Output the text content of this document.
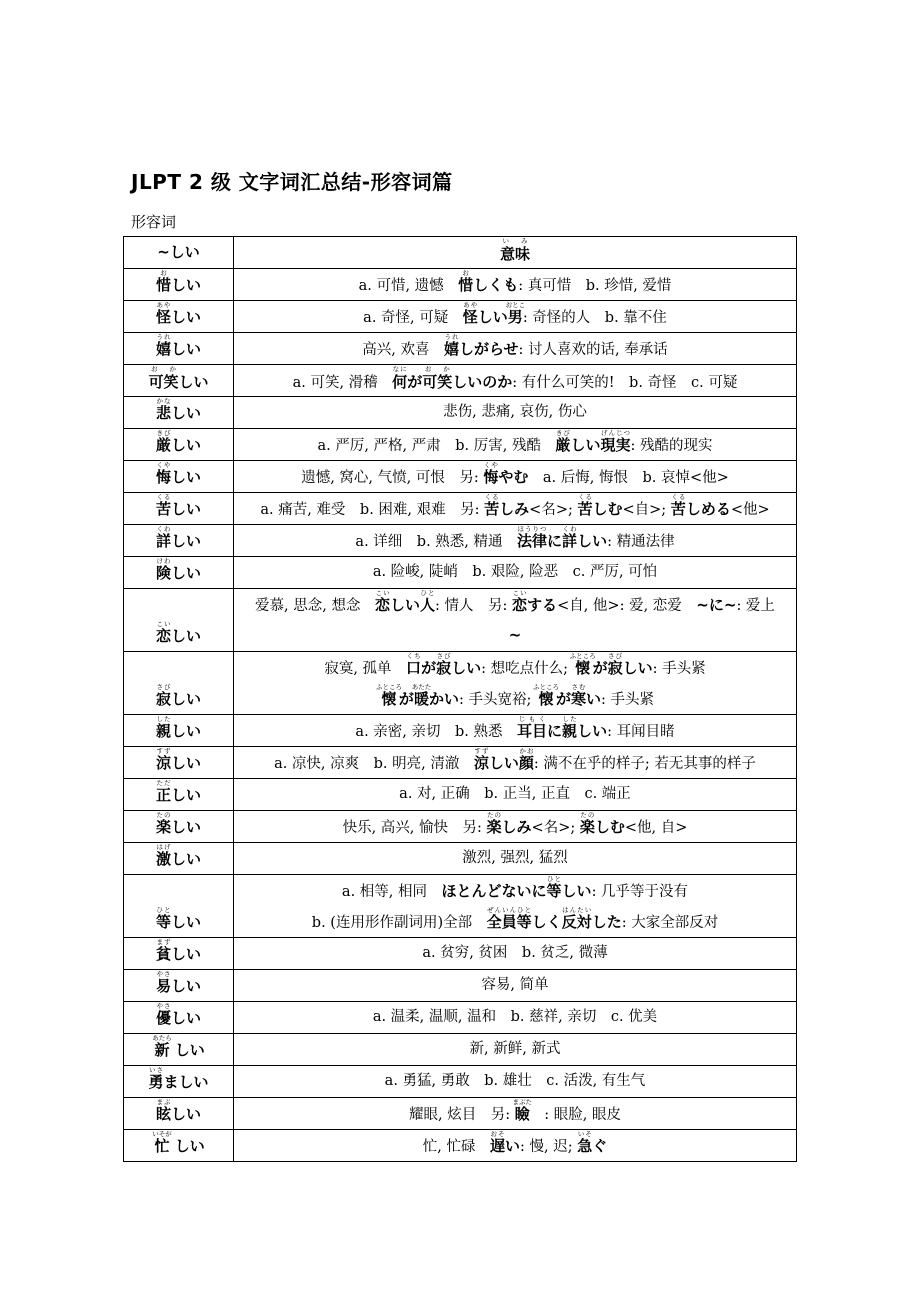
JLPT 2 级 文字词汇总结-形容词篇

形容词

~しい	意味い み

惜おしい	a. 可惜, 遗憾　惜おしくも: 真可惜　b. 珍惜, 爱惜

怪あやしい	a. 奇怪, 可疑　怪あやしい男おとこ: 奇怪的人　b. 靠不住

嬉うれしい	高兴, 欢喜　嬉うれしがらせ: 讨人喜欢的话, 奉承话

可笑お かしい	a. 可笑, 滑稽　何なにが可笑お かしいのか: 有什么可笑的!　b. 奇怪　c. 可疑

悲かなしい	悲伤, 悲痛, 哀伤, 伤心

厳きびしい	a. 严厉, 严格, 严肃　b. 厉害, 残酷　厳きびしい現実げんじつ: 残酷的现实

悔くやしい	遗憾, 窝心, 气愤, 可恨　另: 悔くややむ　a. 后悔, 悔恨　b. 哀悼<他>

苦くるしい	a. 痛苦, 难受　b. 困难, 艰难　另: 苦くるしみ<名>; 苦くるしむ<自>; 苦くるしめる<他>

詳くわしい	a. 详细　b. 熟悉, 精通　法律ほうりつに詳くわしい: 精通法律

険けわしい	a. 险峻, 陡峭　b. 艰险, 险恶　c. 严厉, 可怕

恋こいしい	爱慕, 思念, 想念　恋こいしい人ひと: 情人　另: 恋こいする<自, 他>: 爱, 恋爱　~に~: 爱上
~

寂さびしい	寂寞, 孤单　口くちが寂さびしい: 想吃点什么; 懐ふところが寂さびしい: 手头紧
懐ふところが暖あたたかい: 手头宽裕; 懐ふところが寒さむい: 手头紧

親したしい	a. 亲密, 亲切　b. 熟悉　耳目じもくに親したしい: 耳闻目睹

涼すずしい	a. 凉快, 凉爽　b. 明亮, 清澈　涼すずしい顔かお: 满不在乎的样子; 若无其事的样子

正ただしい	a. 对, 正确　b. 正当, 正直　c. 端正

楽たのしい	快乐, 高兴, 愉快　另: 楽たのしみ<名>; 楽たのしむ<他, 自>

激はげしい	激烈, 强烈, 猛烈

等ひとしい	a. 相等, 相同　ほとんどないに等ひとしい: 几乎等于没有
b. (连用形作副词用)全部　全員ぜんいん等ひとしく反対はんたいした: 大家全部反对

貧まずしい	a. 贫穷, 贫困　b. 贫乏, 微薄

易やさしい	容易, 简单

優やさしい	a. 温柔, 温顺, 温和　b. 慈祥, 亲切　c. 优美

新あたら しい	新, 新鲜, 新式

勇いさましい	a. 勇猛, 勇敢　b. 雄壮　c. 活泼, 有生气

眩まぶしい	耀眼, 炫目　另: 瞼まぶた　: 眼脸, 眼皮

忙いそが しい	忙, 忙碌　遅おそい: 慢, 迟; 急いそぐ
